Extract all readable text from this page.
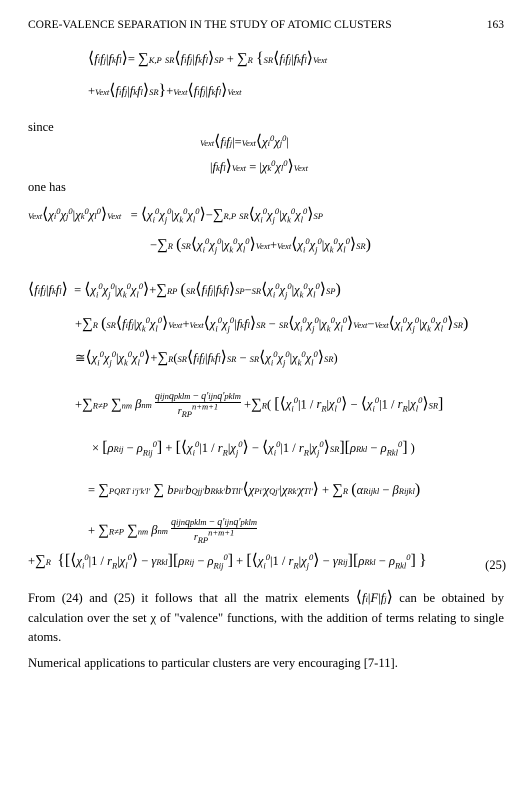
CORE-VALENCE SEPARATION IN THE STUDY OF ATOMIC CLUSTERS	163
⟨fifj|fkfl⟩= ∑K,P SR⟨fifj|fkfl⟩SP + ∑R {SR⟨fifj|fkfl⟩Vext
+Vext⟨fifj|fkfl⟩SR}+Vext⟨fifj|fkfl⟩Vext
since
$Vext⟨fifj|=Vext⟨\chi i^0\chi j^0|$
|fkfl⟩Vext = $|\chi k^0\chi l^0⟩Vext$
one has
$Vext⟨\chi i^0\chi j^0|\chi k^0\chi l^0⟩Vext$   = $⟨\chi_i^0\chi_j^0|\chi_k^0\chi_l^0⟩-\sum R,P$ $SR⟨\chi_i^0\chi_j^0|\chi_k^0\chi_l^0⟩SP$
−∑R $(SR⟨\chi_i^0\chi_j^0|\chi_k^0\chi_l^0⟩Vext+Vext⟨\chi_i^0\chi_j^0|\chi_k^0\chi_l^0⟩SR)$
⟨fifj|fkfl⟩  = $⟨\chi_i^0\chi_j^0|\chi_k^0\chi_l^0⟩+\sum RP$ $(SR⟨fifj|fkfl⟩SP-SR⟨\chi_i^0\chi_j^0|\chi_k^0\chi_l^0⟩SP)$
+∑R ($SR⟨fifj|\chi_k^0\chi_l^0⟩Vext+Vext⟨\chi_i^0\chi_j^0|fkfl⟩SR$ − $SR⟨\chi_i^0\chi_j^0|\chi_k^0\chi_l^0⟩Vext-Vext⟨\chi_i^0\chi_j^0|\chi_k^0\chi_l^0⟩SR$)
$≅⟨\chi_i^0\chi_j^0|\chi_k^0\chi_l^0⟩+\sum R(SR⟨fifj|fkfl⟩SR$ − $SR⟨\chi_i^0\chi_j^0|\chi_k^0\chi_l^0⟩SR$)
+∑R≠P ∑nm βnm
qijnqpklm − q'ijnq'pklm
$r_{RP}^{n+m+1}$	+∑R( [$⟨\chi_i^0|1$ / $r_R|\chi_l^0⟩$ − $⟨\chi_i^0|1$ / $r_R|\chi_l^0⟩SR$]
× $[\rho Rij - \rho_{Rij}^0]$ + [$⟨\chi_i^0|1$ / $r_R|\chi_j^0⟩$ − $⟨\chi_i^0|1$ / $r_R|\chi_j^0⟩SR][\rho Rkl - \rho_{Rkl}^0]$ )
= ∑PQRT i'j'k'l' ∑ bPii'bQjj'bRkk'bTll'⟨χPi'χQj'|χRk'χTl'⟩ + ∑R (αRijkl − βRijkl)
+ ∑R≠P ∑nm βnm
qijnqpklm − q'ijnq'pklm
$r_{RP}^{n+m+1}$
+∑R {[$⟨\chi_i^0|1$ / $r_R|\chi_l^0⟩ - \gamma Rkl][\rho Rij - \rho_{Rij}^0]$ + [$⟨\chi_i^0|1$ / $r_R|\chi_j^0⟩ - \gamma Rij][\rho Rkl - \rho_{Rkl}^0]$ }	(25)
From (24) and (25) it follows that all the matrix elements ⟨fi|F|fj⟩ can be obtained by calculation over the set χ of "valence" functions, with the addition of terms relating to single atoms.
Numerical applications to particular clusters are very encouraging [7-11].
